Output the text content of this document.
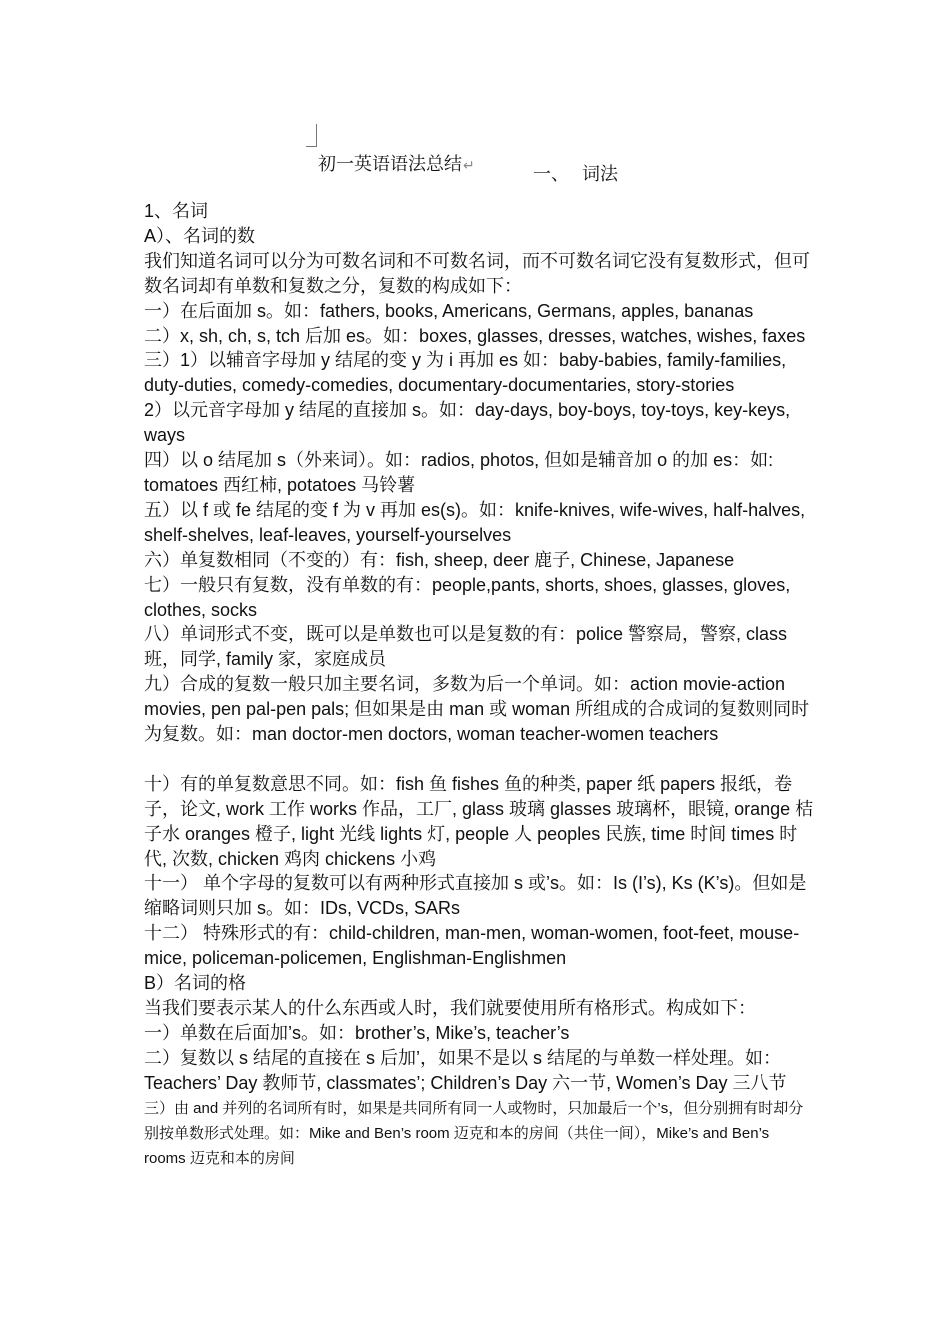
初一英语语法总结↵	一、 词法

1、名词

A）、名词的数

我们知道名词可以分为可数名词和不可数名词，而不可数名词它没有复数形式，但可数名词却有单数和复数之分，复数的构成如下：

一）在后面加 s。如：fathers, books, Americans, Germans, apples, bananas

二）x, sh, ch, s, tch 后加 es。如：boxes, glasses, dresses, watches, wishes, faxes

三）1）以辅音字母加 y 结尾的变 y 为 i 再加 es 如：baby-babies, family-families, duty-duties, comedy-comedies, documentary-documentaries, story-stories

2）以元音字母加 y 结尾的直接加 s。如：day-days, boy-boys, toy-toys, key-keys, ways

四）以 o 结尾加 s（外来词）。如：radios, photos, 但如是辅音加 o 的加 es：如: tomatoes 西红柿, potatoes 马铃薯

五）以 f 或 fe 结尾的变 f 为 v 再加 es(s)。如：knife-knives, wife-wives, half-halves, shelf-shelves, leaf-leaves, yourself-yourselves

六）单复数相同（不变的）有：fish, sheep, deer 鹿子, Chinese, Japanese

七）一般只有复数，没有单数的有：people,pants, shorts, shoes, glasses, gloves, clothes, socks

八）单词形式不变，既可以是单数也可以是复数的有：police 警察局，警察, class 班，同学, family 家，家庭成员

九）合成的复数一般只加主要名词，多数为后一个单词。如：action movie-action movies, pen pal-pen pals; 但如果是由 man 或 woman 所组成的合成词的复数则同时为复数。如：man doctor-men doctors, woman teacher-women teachers

十）有的单复数意思不同。如：fish 鱼 fishes 鱼的种类, paper 纸 papers 报纸，卷子，论文, work 工作 works 作品，工厂, glass 玻璃 glasses 玻璃杯，眼镜, orange 桔子水 oranges 橙子, light 光线 lights 灯, people 人 peoples 民族, time 时间 times 时代, 次数, chicken 鸡肉 chickens 小鸡

十一） 单个字母的复数可以有两种形式直接加 s 或’s。如：Is (I’s), Ks (K’s)。但如是缩略词则只加 s。如：IDs, VCDs, SARs

十二） 特殊形式的有：child-children, man-men, woman-women, foot-feet, mouse-mice, policeman-policemen, Englishman-Englishmen

B）名词的格

当我们要表示某人的什么东西或人时，我们就要使用所有格形式。构成如下：

一）单数在后面加’s。如：brother’s, Mike’s, teacher’s

二）复数以 s 结尾的直接在 s 后加’，如果不是以 s 结尾的与单数一样处理。如：Teachers’ Day 教师节, classmates’; Children’s Day 六一节, Women’s Day 三八节

三）由 and 并列的名词所有时，如果是共同所有同一人或物时，只加最后一个’s，但分别拥有时却分别按单数形式处理。如：Mike and Ben’s room 迈克和本的房间（共住一间），Mike’s and Ben’s rooms 迈克和本的房间
